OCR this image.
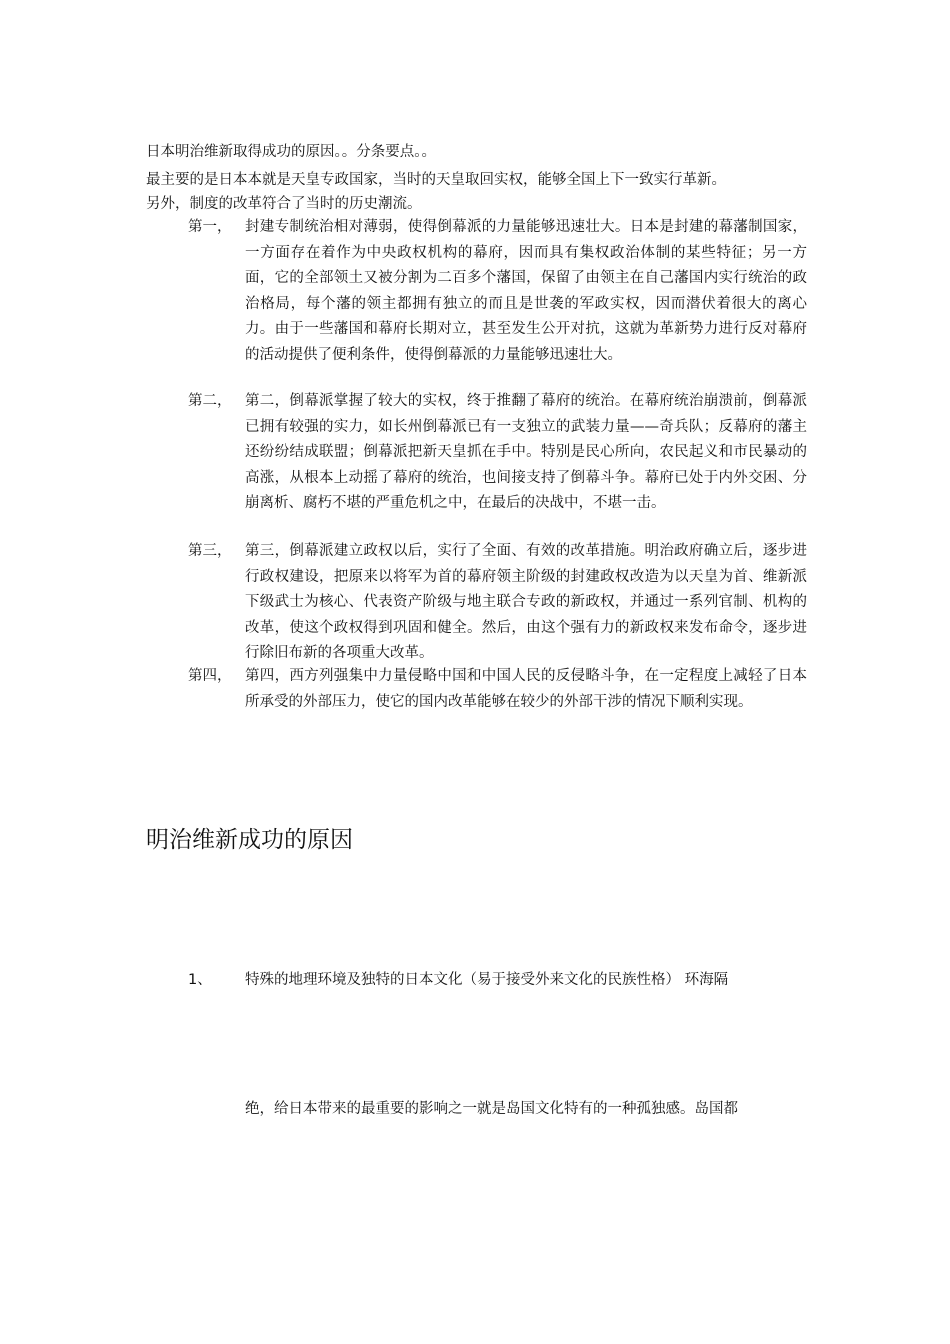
日本明治维新取得成功的原因。。分条要点。。
最主要的是日本本就是天皇专政国家，当时的天皇取回实权，能够全国上下一致实行革新。
另外，制度的改革符合了当时的历史潮流。
第一， 封建专制统治相对薄弱，使得倒幕派的力量能够迅速壮大。日本是封建的幕藩制国家，一方面存在着作为中央政权机构的幕府，因而具有集权政治体制的某些特征；另一方面，它的全部领土又被分割为二百多个藩国，保留了由领主在自己藩国内实行统治的政治格局，每个藩的领主都拥有独立的而且是世袭的军政实权，因而潜伏着很大的离心力。由于一些藩国和幕府长期对立，甚至发生公开对抗，这就为革新势力进行反对幕府的活动提供了便利条件，使得倒幕派的力量能够迅速壮大。
第二， 第二，倒幕派掌握了较大的实权，终于推翻了幕府的统治。在幕府统治崩溃前，倒幕派已拥有较强的实力，如长州倒幕派已有一支独立的武装力量——奇兵队；反幕府的藩主还纷纷结成联盟；倒幕派把新天皇抓在手中。特别是民心所向，农民起义和市民暴动的高涨，从根本上动摇了幕府的统治，也间接支持了倒幕斗争。幕府已处于内外交困、分崩离析、腐朽不堪的严重危机之中，在最后的决战中，不堪一击。
第三， 第三，倒幕派建立政权以后，实行了全面、有效的改革措施。明治政府确立后，逐步进行政权建设，把原来以将军为首的幕府领主阶级的封建政权改造为以天皇为首、维新派下级武士为核心、代表资产阶级与地主联合专政的新政权，并通过一系列官制、机构的改革，使这个政权得到巩固和健全。然后，由这个强有力的新政权来发布命令，逐步进行除旧布新的各项重大改革。
第四， 第四，西方列强集中力量侵略中国和中国人民的反侵略斗争，在一定程度上减轻了日本所承受的外部压力，使它的国内改革能够在较少的外部干涉的情况下顺利实现。
明治维新成功的原因
1、 特殊的地理环境及独特的日本文化（易于接受外来文化的民族性格） 环海隔
绝，给日本带来的最重要的影响之一就是岛国文化特有的一种孤独感。岛国都
